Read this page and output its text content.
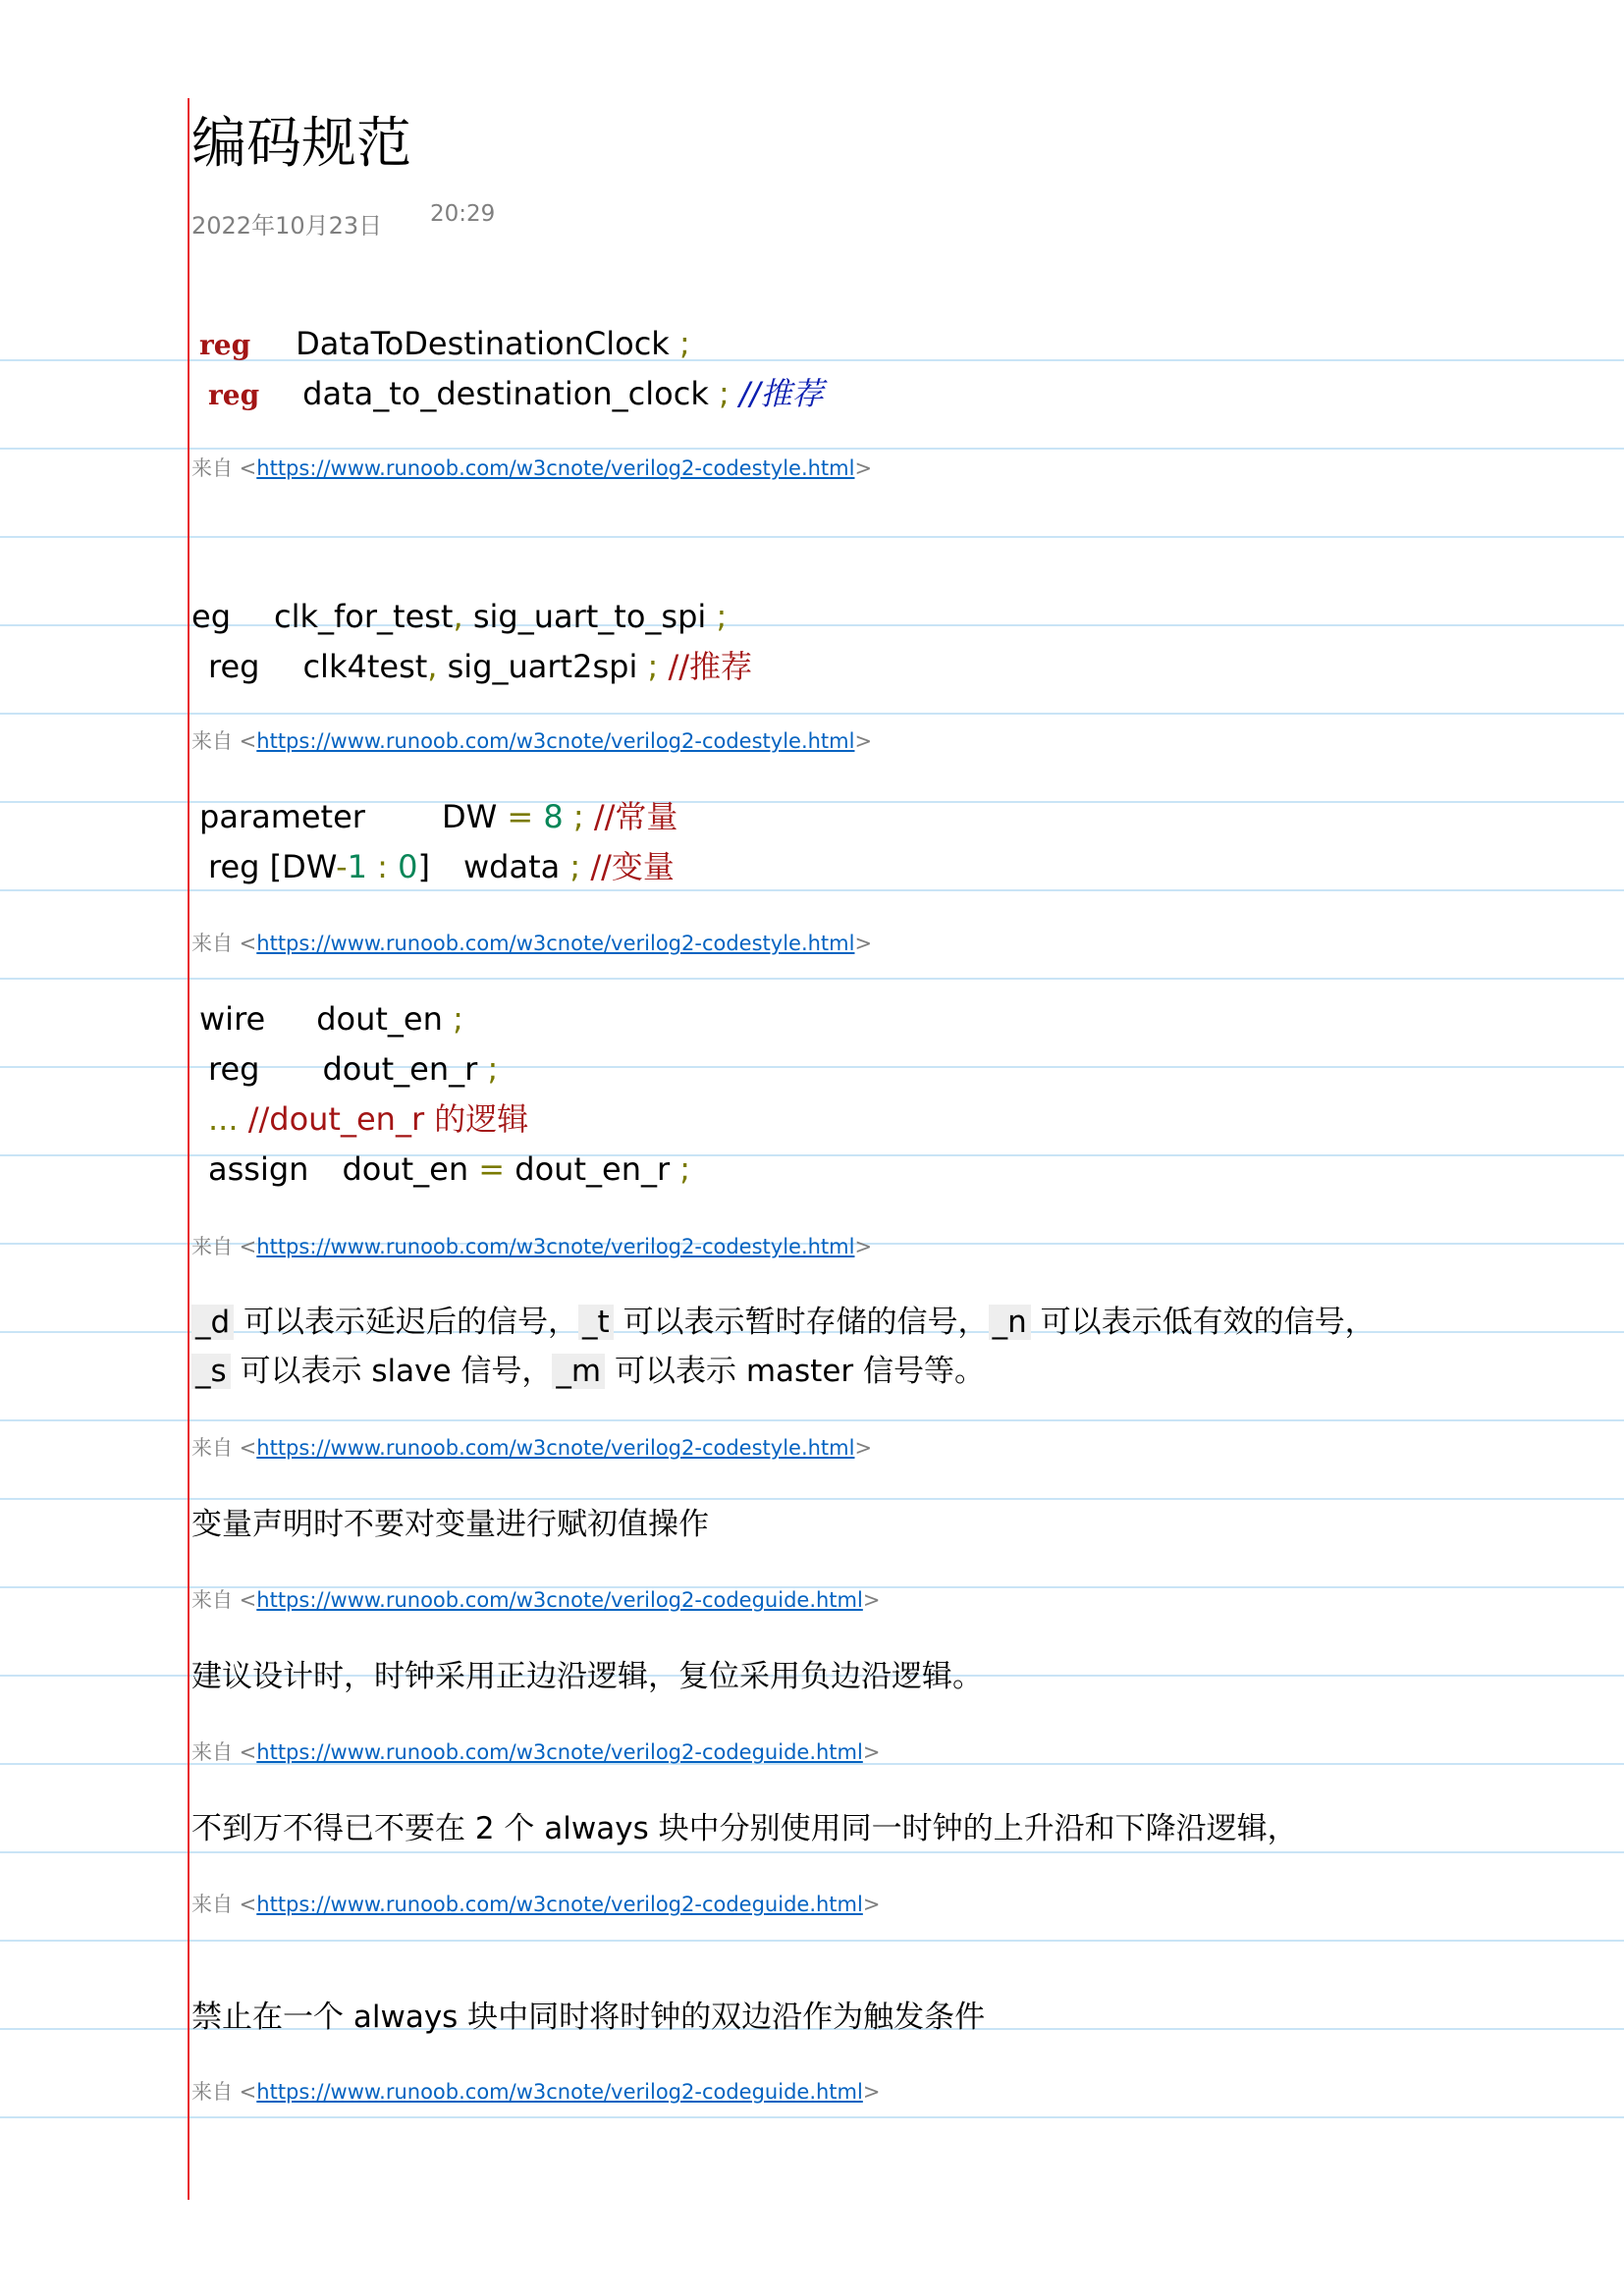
编码规范
2022年10月23日 20:29
reg DataToDestinationClock ;
reg data_to_destination_clock ; //推荐
来自 <https://www.runoob.com/w3cnote/verilog2-codestyle.html>
eg clk_for_test, sig_uart_to_spi ;
reg clk4test, sig_uart2spi ; //推荐
来自 <https://www.runoob.com/w3cnote/verilog2-codestyle.html>
parameter DW = 8 ; //常量
reg [DW-1 : 0] wdata ; //变量
来自 <https://www.runoob.com/w3cnote/verilog2-codestyle.html>
wire dout_en ;
reg dout_en_r ;
... //dout_en_r 的逻辑
assign dout_en = dout_en_r ;
来自 <https://www.runoob.com/w3cnote/verilog2-codestyle.html>
_d 可以表示延迟后的信号， _t 可以表示暂时存储的信号， _n 可以表示低有效的信号，_s 可以表示 slave 信号， _m 可以表示 master 信号等。
来自 <https://www.runoob.com/w3cnote/verilog2-codestyle.html>
变量声明时不要对变量进行赋初值操作
来自 <https://www.runoob.com/w3cnote/verilog2-codeguide.html>
建议设计时，时钟采用正边沿逻辑，复位采用负边沿逻辑。
来自 <https://www.runoob.com/w3cnote/verilog2-codeguide.html>
不到万不得已不要在 2 个 always 块中分别使用同一时钟的上升沿和下降沿逻辑，
来自 <https://www.runoob.com/w3cnote/verilog2-codeguide.html>
禁止在一个 always 块中同时将时钟的双边沿作为触发条件
来自 <https://www.runoob.com/w3cnote/verilog2-codeguide.html>
